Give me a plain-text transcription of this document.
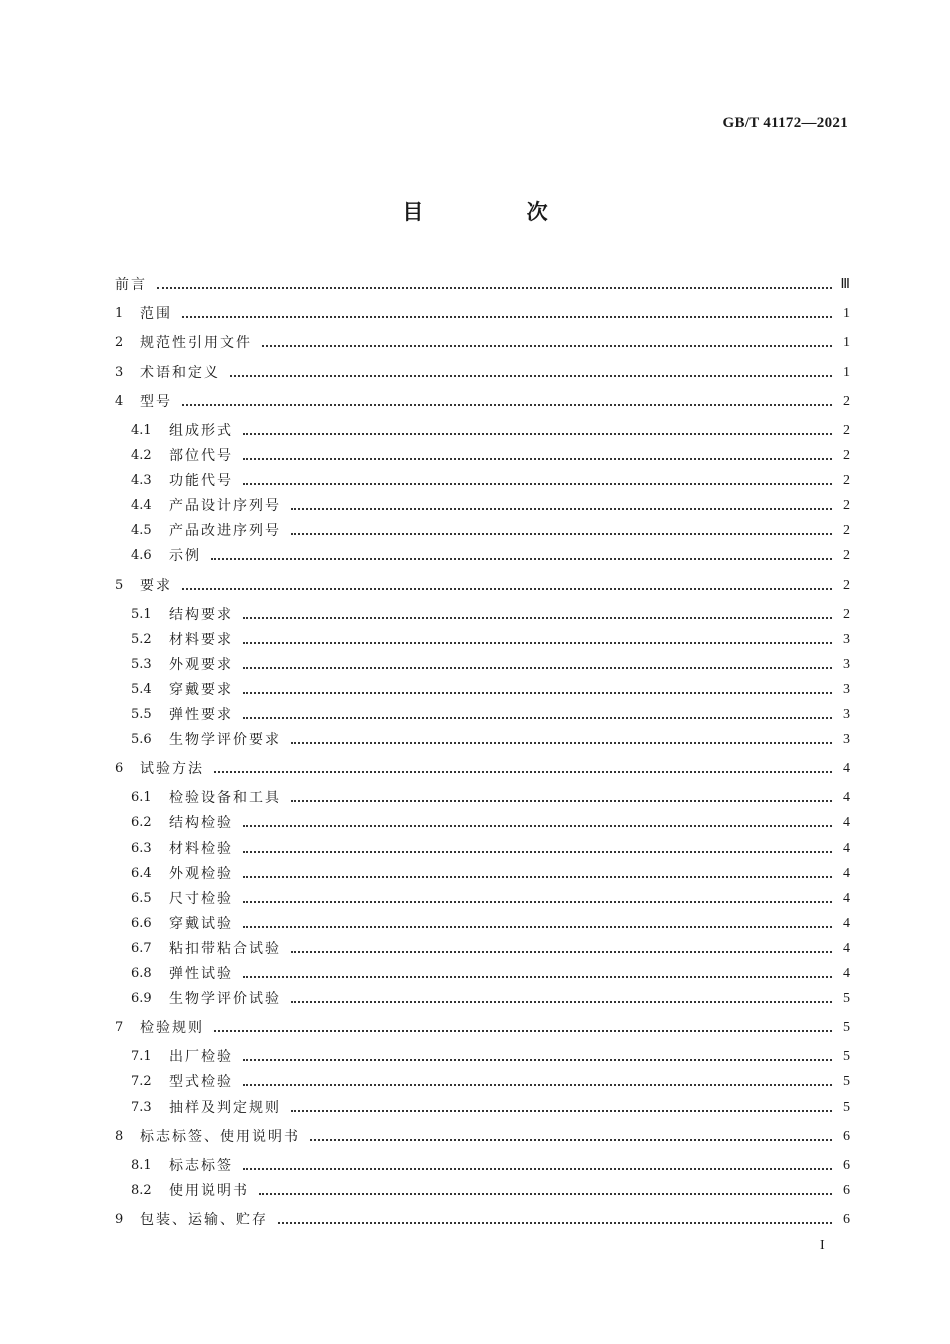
GB/T 41172—2021
目 次
前言	Ⅲ
1	范围	1
2	规范性引用文件	1
3	术语和定义	1
4	型号	2
4.1	组成形式	2
4.2	部位代号	2
4.3	功能代号	2
4.4	产品设计序列号	2
4.5	产品改进序列号	2
4.6	示例	2
5	要求	2
5.1	结构要求	2
5.2	材料要求	3
5.3	外观要求	3
5.4	穿戴要求	3
5.5	弹性要求	3
5.6	生物学评价要求	3
6	试验方法	4
6.1	检验设备和工具	4
6.2	结构检验	4
6.3	材料检验	4
6.4	外观检验	4
6.5	尺寸检验	4
6.6	穿戴试验	4
6.7	粘扣带粘合试验	4
6.8	弹性试验	4
6.9	生物学评价试验	5
7	检验规则	5
7.1	出厂检验	5
7.2	型式检验	5
7.3	抽样及判定规则	5
8	标志标签、使用说明书	6
8.1	标志标签	6
8.2	使用说明书	6
9	包装、运输、贮存	6
I
